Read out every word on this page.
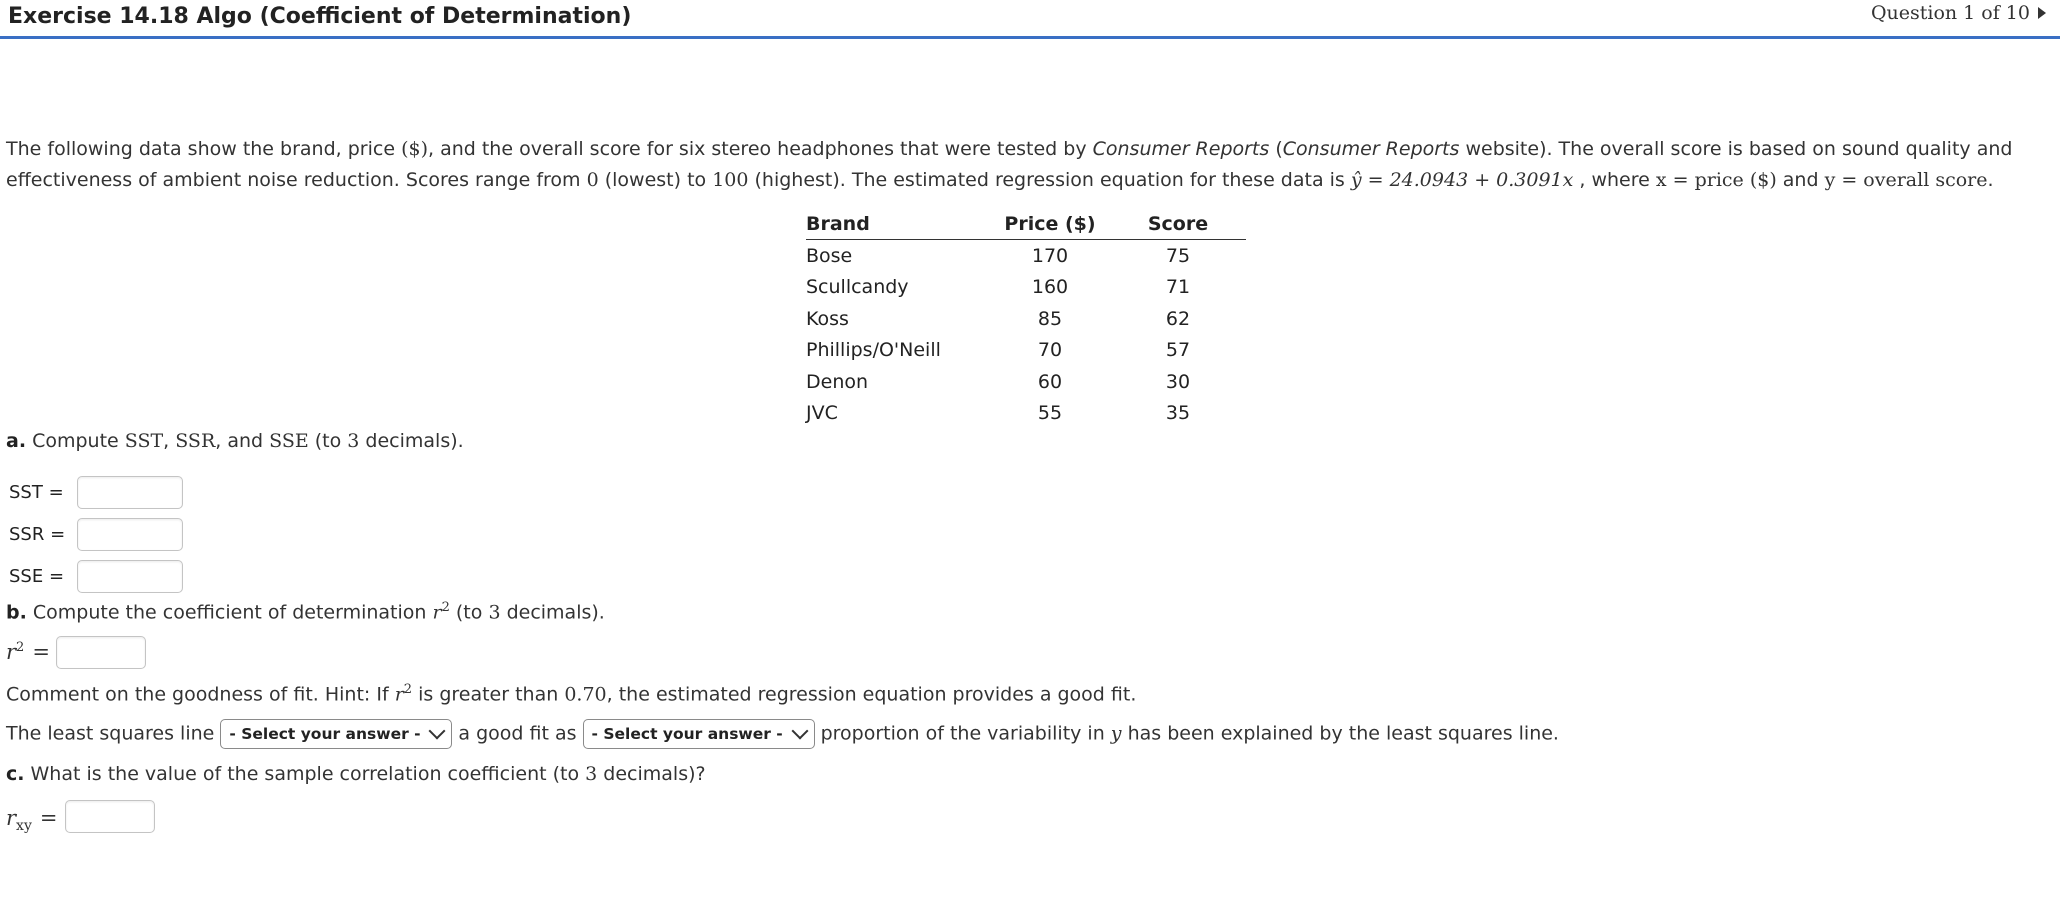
Exercise 14.18 Algo (Coefficient of Determination)	Question 1 of 10
The following data show the brand, price ($), and the overall score for six stereo headphones that were tested by Consumer Reports (Consumer Reports website). The overall score is based on sound quality and effectiveness of ambient noise reduction. Scores range from 0 (lowest) to 100 (highest). The estimated regression equation for these data is ŷ = 24.0943 + 0.3091x , where x = price ($) and y = overall score.
Brand	Price ($)	Score
Bose	170	75
Scullcandy	160	71
Koss	85	62
Phillips/O'Neill	70	57
Denon	60	30
JVC	55	35
a. Compute SST, SSR, and SSE (to 3 decimals).
SST =
SSR =
SSE =
b. Compute the coefficient of determination $r^2$ (to 3 decimals).
$r^2$ =
Comment on the goodness of fit. Hint: If $r^2$ is greater than 0.70, the estimated regression equation provides a good fit.
The least squares line - Select your answer - a good fit as - Select your answer - proportion of the variability in y has been explained by the least squares line.
c. What is the value of the sample correlation coefficient (to 3 decimals)?
$r_{xy}$ =
